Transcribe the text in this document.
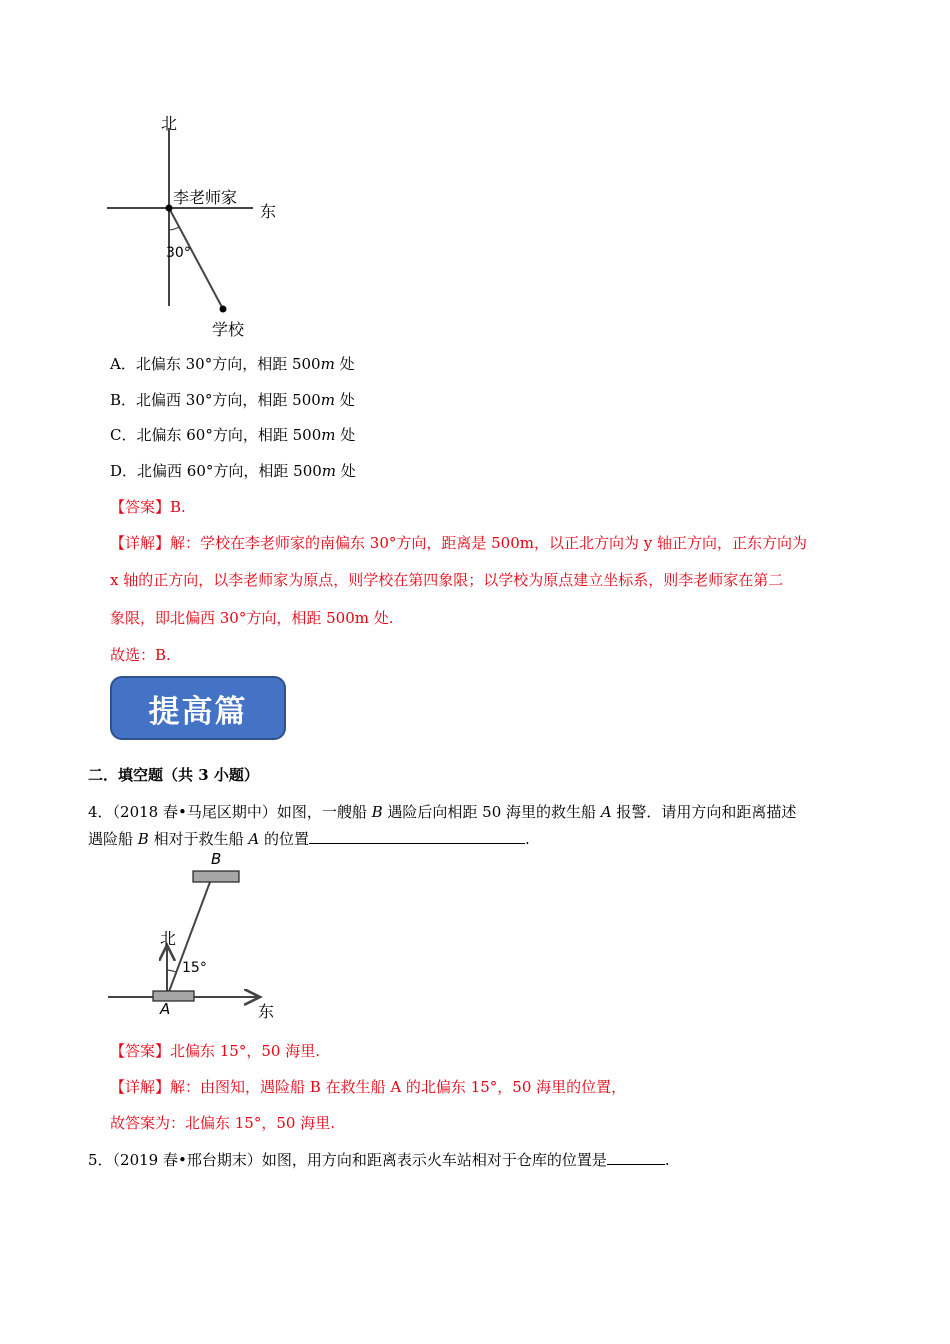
北
东
李老师家
30°
学校
A．北偏东 30°方向，相距 500m 处
B．北偏西 30°方向，相距 500m 处
C．北偏东 60°方向，相距 500m 处
D．北偏西 60°方向，相距 500m 处
【答案】B.
【详解】解：学校在李老师家的南偏东 30°方向，距离是 500m，以正北方向为 y 轴正方向，正东方向为
x 轴的正方向，以李老师家为原点，则学校在第四象限；以学校为原点建立坐标系，则李老师家在第二
象限，即北偏西 30°方向，相距 500m 处.
故选：B.
提高篇
二．填空题（共 3 小题）
4．（2018 春•马尾区期中）如图，一艘船 B 遇险后向相距 50 海里的救生船 A 报警．请用方向和距离描述
遇险船 B 相对于救生船 A 的位置	.
B
A
北
东
15°
【答案】北偏东 15°，50 海里.
【详解】解：由图知，遇险船 B 在救生船 A 的北偏东 15°，50 海里的位置，
故答案为：北偏东 15°，50 海里.
5．（2019 春•邢台期末）如图，用方向和距离表示火车站相对于仓库的位置是	.
